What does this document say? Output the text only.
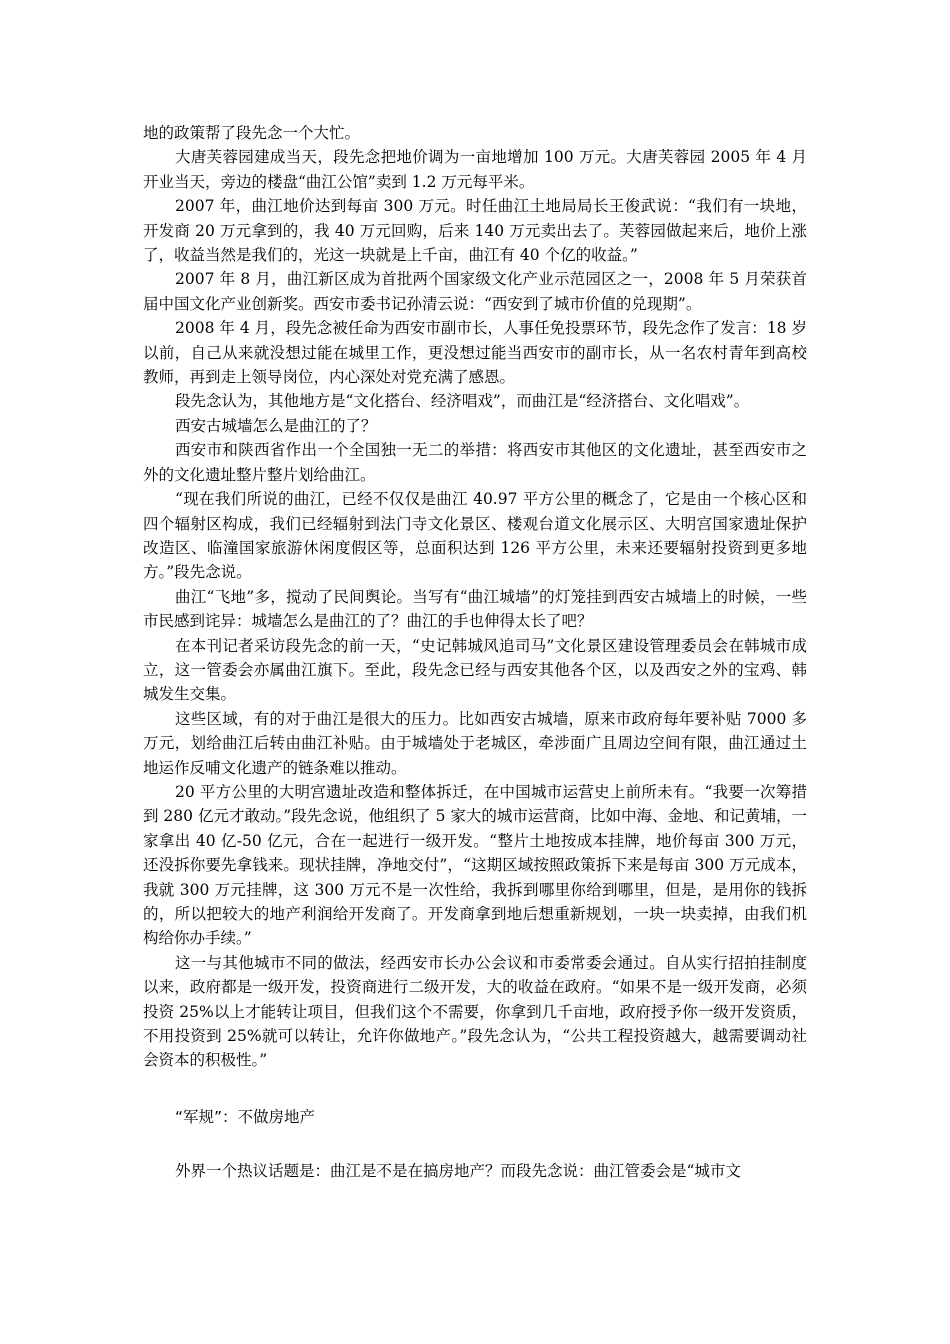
地的政策帮了段先念一个大忙。

大唐芙蓉园建成当天，段先念把地价调为一亩地增加 100 万元。大唐芙蓉园 2005 年 4 月开业当天，旁边的楼盘“曲江公馆”卖到 1.2 万元每平米。

2007 年，曲江地价达到每亩 300 万元。时任曲江土地局局长王俊武说：“我们有一块地，开发商 20 万元拿到的，我 40 万元回购，后来 140 万元卖出去了。芙蓉园做起来后，地价上涨了，收益当然是我们的，光这一块就是上千亩，曲江有 40 个亿的收益。”

2007 年 8 月，曲江新区成为首批两个国家级文化产业示范园区之一，2008 年 5 月荣获首届中国文化产业创新奖。西安市委书记孙清云说：“西安到了城市价值的兑现期”。

2008 年 4 月，段先念被任命为西安市副市长，人事任免投票环节，段先念作了发言：18 岁以前，自己从来就没想过能在城里工作，更没想过能当西安市的副市长，从一名农村青年到高校教师，再到走上领导岗位，内心深处对党充满了感恩。

段先念认为，其他地方是“文化搭台、经济唱戏”，而曲江是“经济搭台、文化唱戏”。

西安古城墙怎么是曲江的了？

西安市和陕西省作出一个全国独一无二的举措：将西安市其他区的文化遗址，甚至西安市之外的文化遗址整片整片划给曲江。

“现在我们所说的曲江，已经不仅仅是曲江 40.97 平方公里的概念了，它是由一个核心区和四个辐射区构成，我们已经辐射到法门寺文化景区、楼观台道文化展示区、大明宫国家遗址保护改造区、临潼国家旅游休闲度假区等，总面积达到 126 平方公里，未来还要辐射投资到更多地方。”段先念说。

曲江“飞地”多，搅动了民间舆论。当写有“曲江城墙”的灯笼挂到西安古城墙上的时候，一些市民感到诧异：城墙怎么是曲江的了？曲江的手也伸得太长了吧？

在本刊记者采访段先念的前一天，“史记韩城风追司马”文化景区建设管理委员会在韩城市成立，这一管委会亦属曲江旗下。至此，段先念已经与西安其他各个区，以及西安之外的宝鸡、韩城发生交集。

这些区域，有的对于曲江是很大的压力。比如西安古城墙，原来市政府每年要补贴 7000 多万元，划给曲江后转由曲江补贴。由于城墙处于老城区，牵涉面广且周边空间有限，曲江通过土地运作反哺文化遗产的链条难以推动。

20 平方公里的大明宫遗址改造和整体拆迁，在中国城市运营史上前所未有。“我要一次筹措到 280 亿元才敢动。”段先念说，他组织了 5 家大的城市运营商，比如中海、金地、和记黄埔，一家拿出 40 亿-50 亿元，合在一起进行一级开发。“整片土地按成本挂牌，地价每亩 300 万元，还没拆你要先拿钱来。现状挂牌，净地交付”，“这期区域按照政策拆下来是每亩 300 万元成本，我就 300 万元挂牌，这 300 万元不是一次性给，我拆到哪里你给到哪里，但是，是用你的钱拆的，所以把较大的地产利润给开发商了。开发商拿到地后想重新规划，一块一块卖掉，由我们机构给你办手续。”

这一与其他城市不同的做法，经西安市长办公会议和市委常委会通过。自从实行招拍挂制度以来，政府都是一级开发，投资商进行二级开发，大的收益在政府。“如果不是一级开发商，必须投资 25%以上才能转让项目，但我们这个不需要，你拿到几千亩地，政府授予你一级开发资质，不用投资到 25%就可以转让，允许你做地产。”段先念认为，“公共工程投资越大，越需要调动社会资本的积极性。”

“军规”：不做房地产

外界一个热议话题是：曲江是不是在搞房地产？而段先念说：曲江管委会是“城市文
